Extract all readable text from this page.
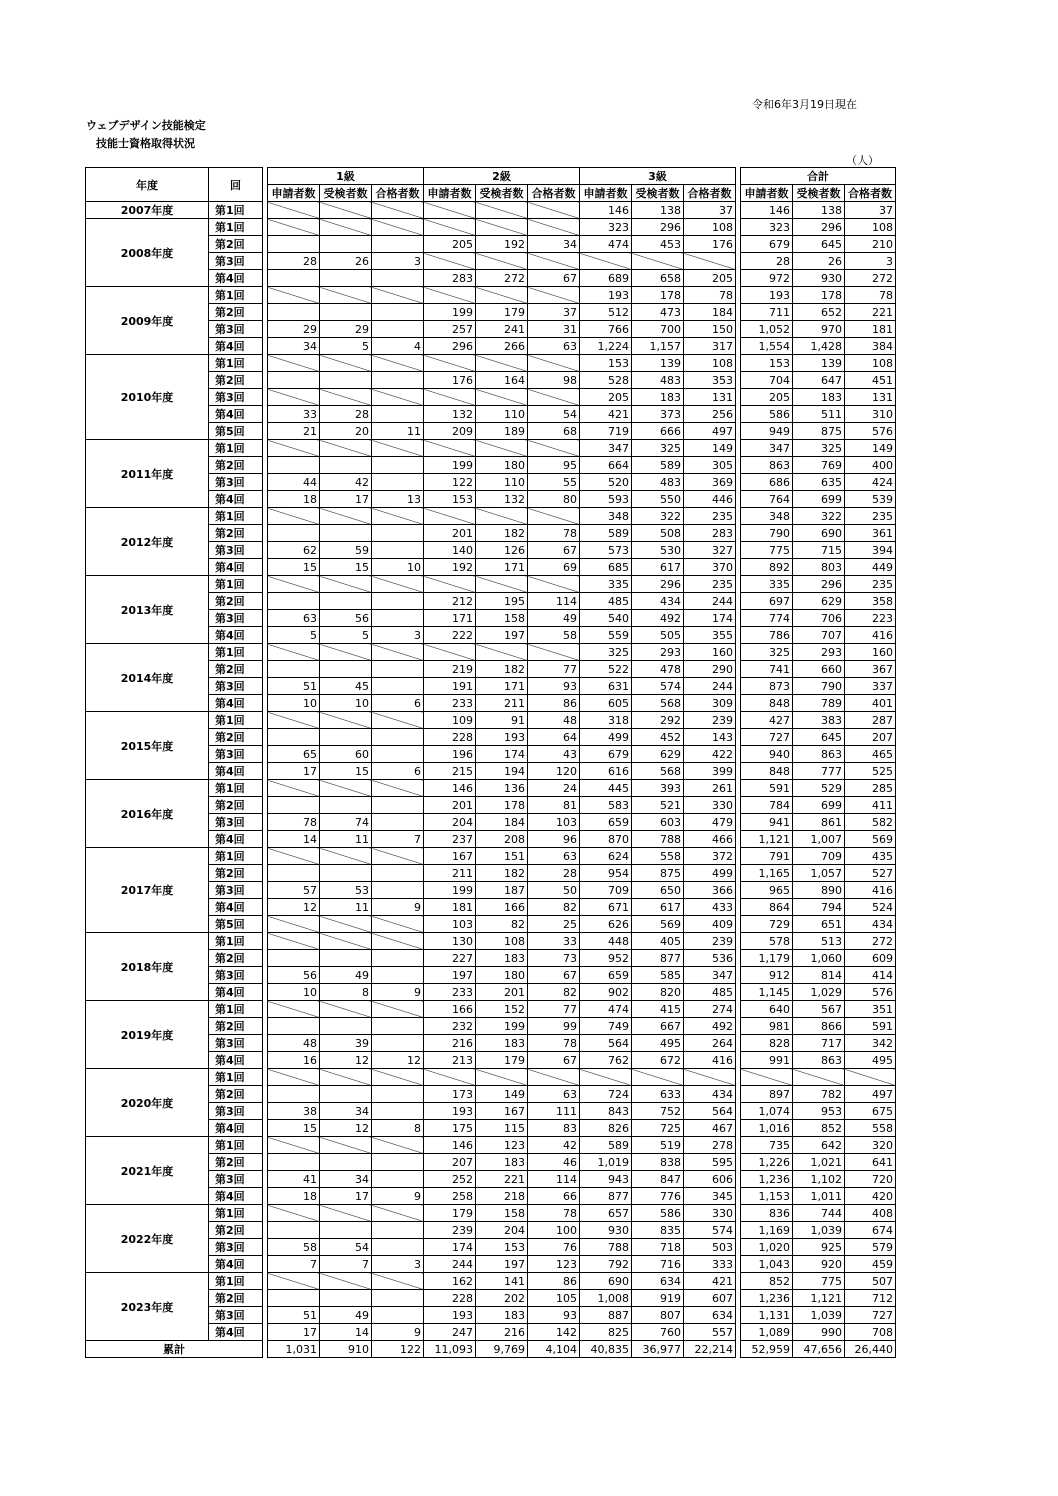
令和6年3月19日現在
ウェブデザイン技能検定
技能士資格取得状況
（人）
年度	回		1級			2級			3級				合計		
			申請者数	受検者数	合格者数	申請者数	受検者数	合格者数	申請者数	受検者数	合格者数		申請者数	受検者数	合格者数
2007年度	第1回								146	138	37		146	138	37
2008年度	第1回								323	296	108		323	296	108
	第2回					205	192	34	474	453	176		679	645	210
	第3回		28	26	3								28	26	3
	第4回					283	272	67	689	658	205		972	930	272
2009年度	第1回								193	178	78		193	178	78
	第2回					199	179	37	512	473	184		711	652	221
	第3回		29	29		257	241	31	766	700	150		1,052	970	181
	第4回		34	5	4	296	266	63	1,224	1,157	317		1,554	1,428	384
2010年度	第1回								153	139	108		153	139	108
	第2回					176	164	98	528	483	353		704	647	451
	第3回								205	183	131		205	183	131
	第4回		33	28		132	110	54	421	373	256		586	511	310
	第5回		21	20	11	209	189	68	719	666	497		949	875	576
2011年度	第1回								347	325	149		347	325	149
	第2回					199	180	95	664	589	305		863	769	400
	第3回		44	42		122	110	55	520	483	369		686	635	424
	第4回		18	17	13	153	132	80	593	550	446		764	699	539
2012年度	第1回								348	322	235		348	322	235
	第2回					201	182	78	589	508	283		790	690	361
	第3回		62	59		140	126	67	573	530	327		775	715	394
	第4回		15	15	10	192	171	69	685	617	370		892	803	449
2013年度	第1回								335	296	235		335	296	235
	第2回					212	195	114	485	434	244		697	629	358
	第3回		63	56		171	158	49	540	492	174		774	706	223
	第4回		5	5	3	222	197	58	559	505	355		786	707	416
2014年度	第1回								325	293	160		325	293	160
	第2回					219	182	77	522	478	290		741	660	367
	第3回		51	45		191	171	93	631	574	244		873	790	337
	第4回		10	10	6	233	211	86	605	568	309		848	789	401
2015年度	第1回					109	91	48	318	292	239		427	383	287
	第2回					228	193	64	499	452	143		727	645	207
	第3回		65	60		196	174	43	679	629	422		940	863	465
	第4回		17	15	6	215	194	120	616	568	399		848	777	525
2016年度	第1回					146	136	24	445	393	261		591	529	285
	第2回					201	178	81	583	521	330		784	699	411
	第3回		78	74		204	184	103	659	603	479		941	861	582
	第4回		14	11	7	237	208	96	870	788	466		1,121	1,007	569
2017年度	第1回					167	151	63	624	558	372		791	709	435
	第2回					211	182	28	954	875	499		1,165	1,057	527
	第3回		57	53		199	187	50	709	650	366		965	890	416
	第4回		12	11	9	181	166	82	671	617	433		864	794	524
	第5回					103	82	25	626	569	409		729	651	434
2018年度	第1回					130	108	33	448	405	239		578	513	272
	第2回					227	183	73	952	877	536		1,179	1,060	609
	第3回		56	49		197	180	67	659	585	347		912	814	414
	第4回		10	8	9	233	201	82	902	820	485		1,145	1,029	576
2019年度	第1回					166	152	77	474	415	274		640	567	351
	第2回					232	199	99	749	667	492		981	866	591
	第3回		48	39		216	183	78	564	495	264		828	717	342
	第4回		16	12	12	213	179	67	762	672	416		991	863	495
2020年度	第1回														
	第2回					173	149	63	724	633	434		897	782	497
	第3回		38	34		193	167	111	843	752	564		1,074	953	675
	第4回		15	12	8	175	115	83	826	725	467		1,016	852	558
2021年度	第1回					146	123	42	589	519	278		735	642	320
	第2回					207	183	46	1,019	838	595		1,226	1,021	641
	第3回		41	34		252	221	114	943	847	606		1,236	1,102	720
	第4回		18	17	9	258	218	66	877	776	345		1,153	1,011	420
2022年度	第1回					179	158	78	657	586	330		836	744	408
	第2回					239	204	100	930	835	574		1,169	1,039	674
	第3回		58	54		174	153	76	788	718	503		1,020	925	579
	第4回		7	7	3	244	197	123	792	716	333		1,043	920	459
2023年度	第1回					162	141	86	690	634	421		852	775	507
	第2回					228	202	105	1,008	919	607		1,236	1,121	712
	第3回		51	49		193	183	93	887	807	634		1,131	1,039	727
	第4回		17	14	9	247	216	142	825	760	557		1,089	990	708
累計			1,031	910	122	11,093	9,769	4,104	40,835	36,977	22,214		52,959	47,656	26,440
